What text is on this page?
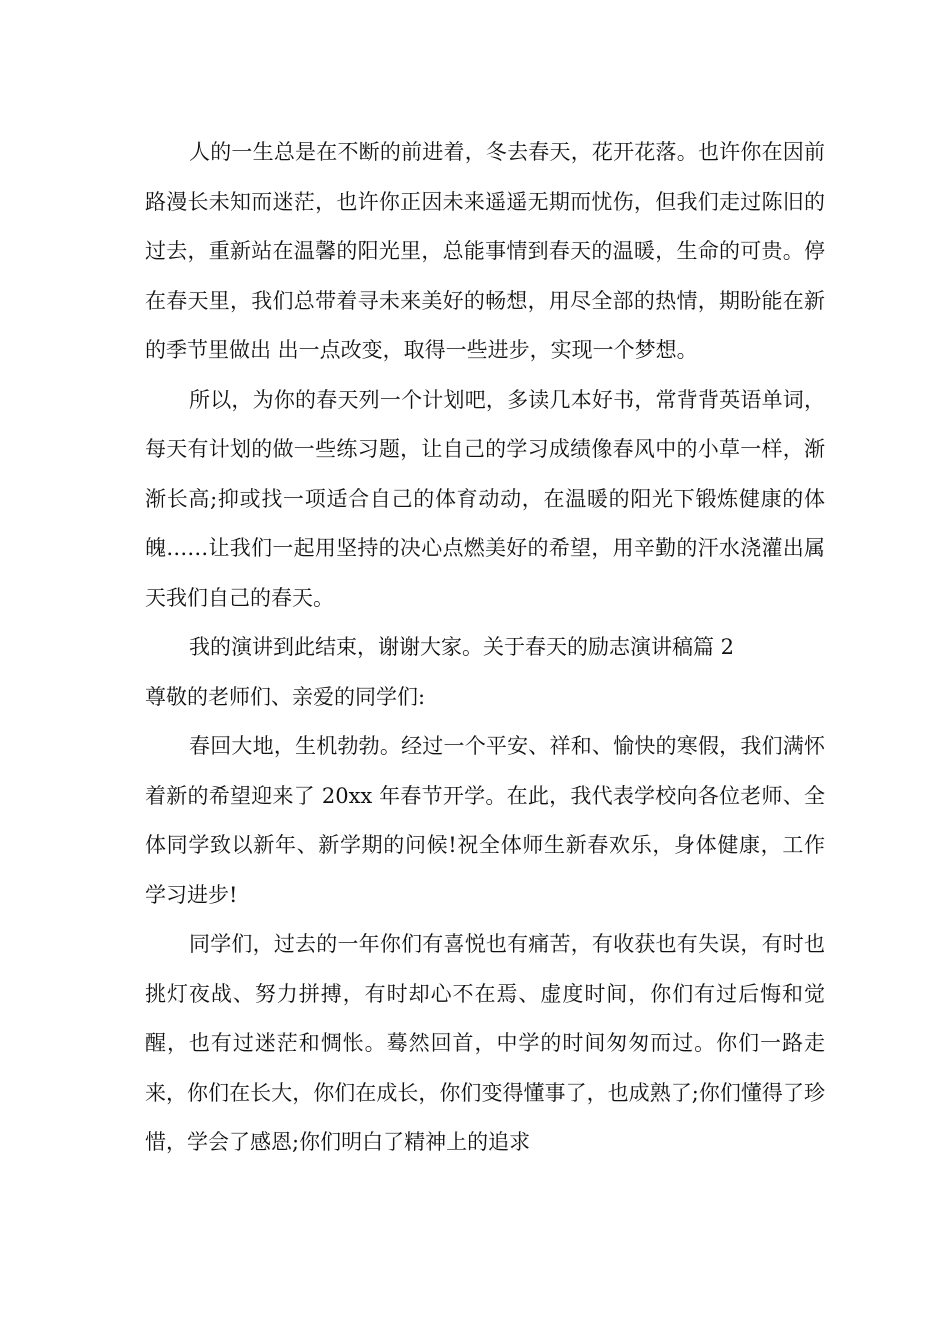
人的一生总是在不断的前进着，冬去春天，花开花落。也许你在因前路漫长未知而迷茫，也许你正因未来遥遥无期而忧伤，但我们走过陈旧的过去，重新站在温馨的阳光里，总能事情到春天的温暖，生命的可贵。停在春天里，我们总带着寻未来美好的畅想，用尽全部的热情，期盼能在新的季节里做出 出一点改变，取得一些进步，实现一个梦想。

所以，为你的春天列一个计划吧，多读几本好书，常背背英语单词，每天有计划的做一些练习题，让自己的学习成绩像春风中的小草一样，渐渐长高;抑或找一项适合自己的体育动动，在温暖的阳光下锻炼健康的体魄……让我们一起用坚持的决心点燃美好的希望，用辛勤的汗水浇灌出属天我们自己的春天。

我的演讲到此结束，谢谢大家。关于春天的励志演讲稿篇 2

尊敬的老师们、亲爱的同学们:

春回大地，生机勃勃。经过一个平安、祥和、愉快的寒假，我们满怀着新的希望迎来了 20xx 年春节开学。在此，我代表学校向各位老师、全体同学致以新年、新学期的问候!祝全体师生新春欢乐，身体健康，工作学习进步!

同学们，过去的一年你们有喜悦也有痛苦，有收获也有失误，有时也挑灯夜战、努力拼搏，有时却心不在焉、虚度时间，你们有过后悔和觉醒，也有过迷茫和惆怅。蓦然回首，中学的时间匆匆而过。你们一路走来，你们在长大，你们在成长，你们变得懂事了，也成熟了;你们懂得了珍惜，学会了感恩;你们明白了精神上的追求
